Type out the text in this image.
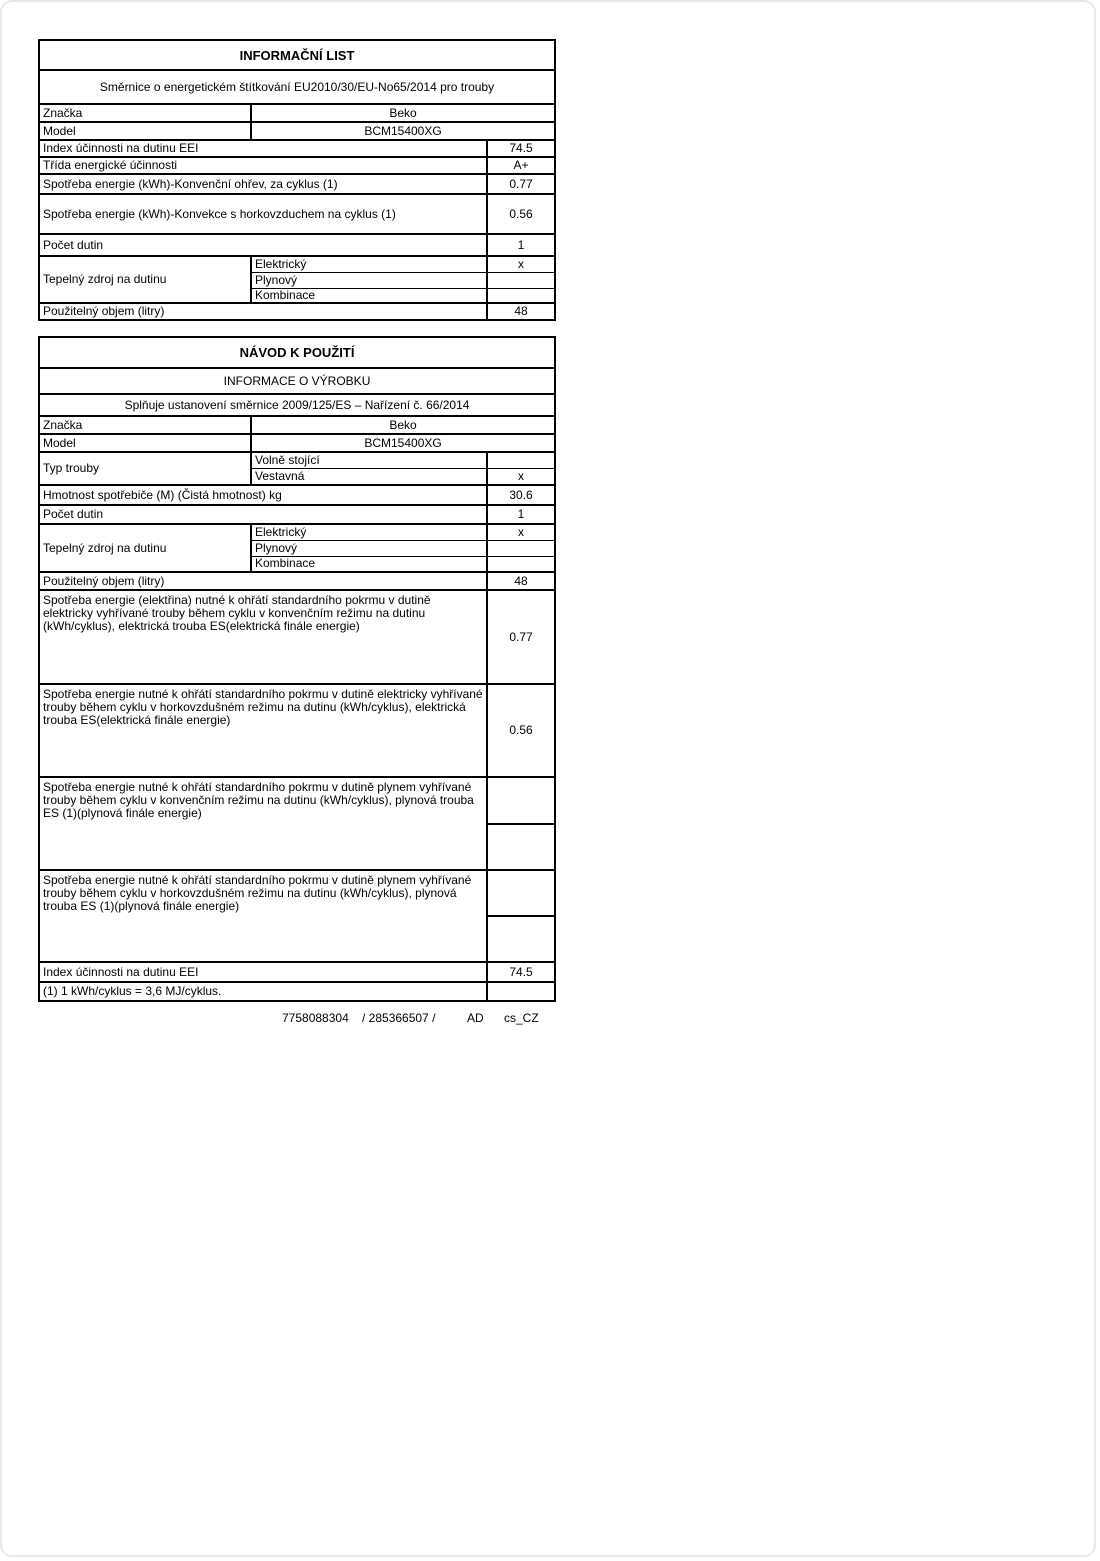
INFORMAČNÍ LIST		
Směrnice o energetickém štítkování EU2010/30/EU-No65/2014 pro trouby		
Značka	Beko	
Model	BCM15400XG	
Index účinnosti na dutinu EEI		74.5
Třída energické účinnosti		A+
Spotřeba energie (kWh)-Konvenční ohřev, za cyklus (1)		0.77
Spotřeba energie (kWh)-Konvekce s horkovzduchem na cyklus (1)		0.56
Počet dutin		1
Tepelný zdroj na dutinu	Elektrický	x
	Plynový	
	Kombinace	
Použitelný objem (litry)		48
NÁVOD K POUŽITÍ		
INFORMACE O VÝROBKU		
Splňuje ustanovení směrnice 2009/125/ES – Nařízení č. 66/2014		
Značka	Beko	
Model	BCM15400XG	
Typ trouby	Volně stojící	
	Vestavná	x
Hmotnost spotřebiče (M) (Čistá hmotnost) kg		30.6
Počet dutin		1
Tepelný zdroj na dutinu	Elektrický	x
	Plynový	
	Kombinace	
Použitelný objem (litry)		48
Spotřeba energie (elektřina) nutné k ohřátí standardního pokrmu v dutině elektricky vyhřívané trouby během cyklu v konvenčním režimu na dutinu (kWh/cyklus), elektrická trouba ES(elektrická finále energie)		0.77
Spotřeba energie nutné k ohřátí standardního pokrmu v dutině elektricky vyhřívané trouby během cyklu v horkovzdušném režimu na dutinu (kWh/cyklus), elektrická trouba ES(elektrická finále energie)		0.56
Spotřeba energie nutné k ohřátí standardního pokrmu v dutině plynem vyhřívané trouby během cyklu v konvenčním režimu na dutinu (kWh/cyklus), plynová trouba ES (1)(plynová finále energie)		

Spotřeba energie nutné k ohřátí standardního pokrmu v dutině plynem vyhřívané trouby během cyklu v horkovzdušném režimu na dutinu (kWh/cyklus), plynová trouba ES (1)(plynová finále energie)		

Index účinnosti na dutinu EEI		74.5
(1) 1 kWh/cyklus = 3,6 MJ/cyklus.		
7758088304 / 285366507 /	AD cs_CZ
